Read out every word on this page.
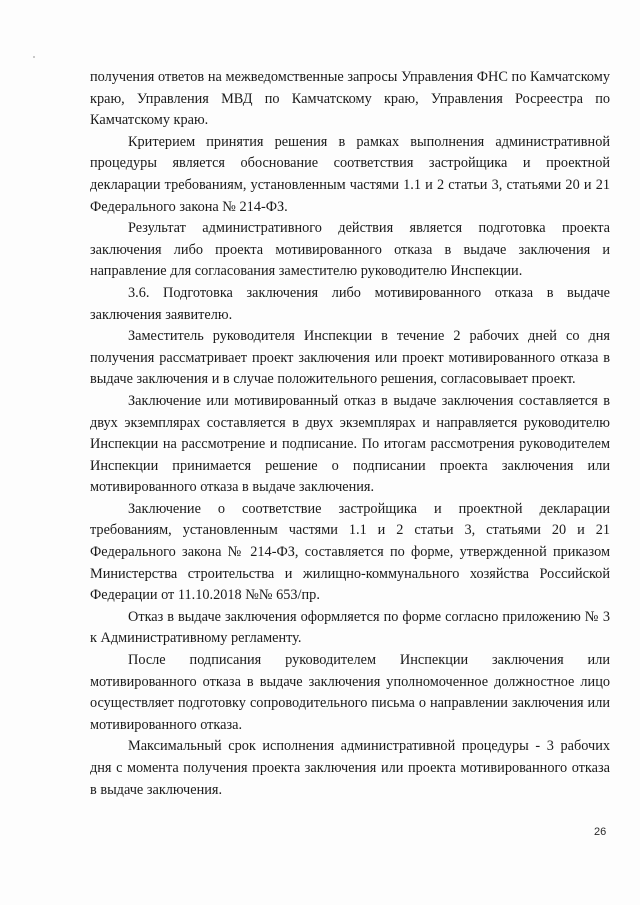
получения ответов на межведомственные запросы Управления ФНС по Камчатскому краю, Управления МВД по Камчатскому краю, Управления Росреестра по Камчатскому краю.

Критерием принятия решения в рамках выполнения административной процедуры является обоснование соответствия застройщика и проектной декларации требованиям, установленным частями 1.1 и 2 статьи 3, статьями 20 и 21 Федерального закона № 214-ФЗ.

Результат административного действия является подготовка проекта заключения либо проекта мотивированного отказа в выдаче заключения и направление для согласования заместителю руководителю Инспекции.

3.6. Подготовка заключения либо мотивированного отказа в выдаче заключения заявителю.

Заместитель руководителя Инспекции в течение 2 рабочих дней со дня получения рассматривает проект заключения или проект мотивированного отказа в выдаче заключения и в случае положительного решения, согласовывает проект.

Заключение или мотивированный отказ в выдаче заключения составляется в двух экземплярах составляется в двух экземплярах и направляется руководителю Инспекции на рассмотрение и подписание. По итогам рассмотрения руководителем Инспекции принимается решение о подписании проекта заключения или мотивированного отказа в выдаче заключения.

Заключение о соответствие застройщика и проектной декларации требованиям, установленным частями 1.1 и 2 статьи 3, статьями 20 и 21 Федерального закона № 214-ФЗ, составляется по форме, утвержденной приказом Министерства строительства и жилищно-коммунального хозяйства Российской Федерации от 11.10.2018 №№ 653/пр.

Отказ в выдаче заключения оформляется по форме согласно приложению № 3 к Административному регламенту.

После подписания руководителем Инспекции заключения или мотивированного отказа в выдаче заключения уполномоченное должностное лицо осуществляет подготовку сопроводительного письма о направлении заключения или мотивированного отказа.

Максимальный срок исполнения административной процедуры - 3 рабочих дня с момента получения проекта заключения или проекта мотивированного отказа в выдаче заключения.

26
